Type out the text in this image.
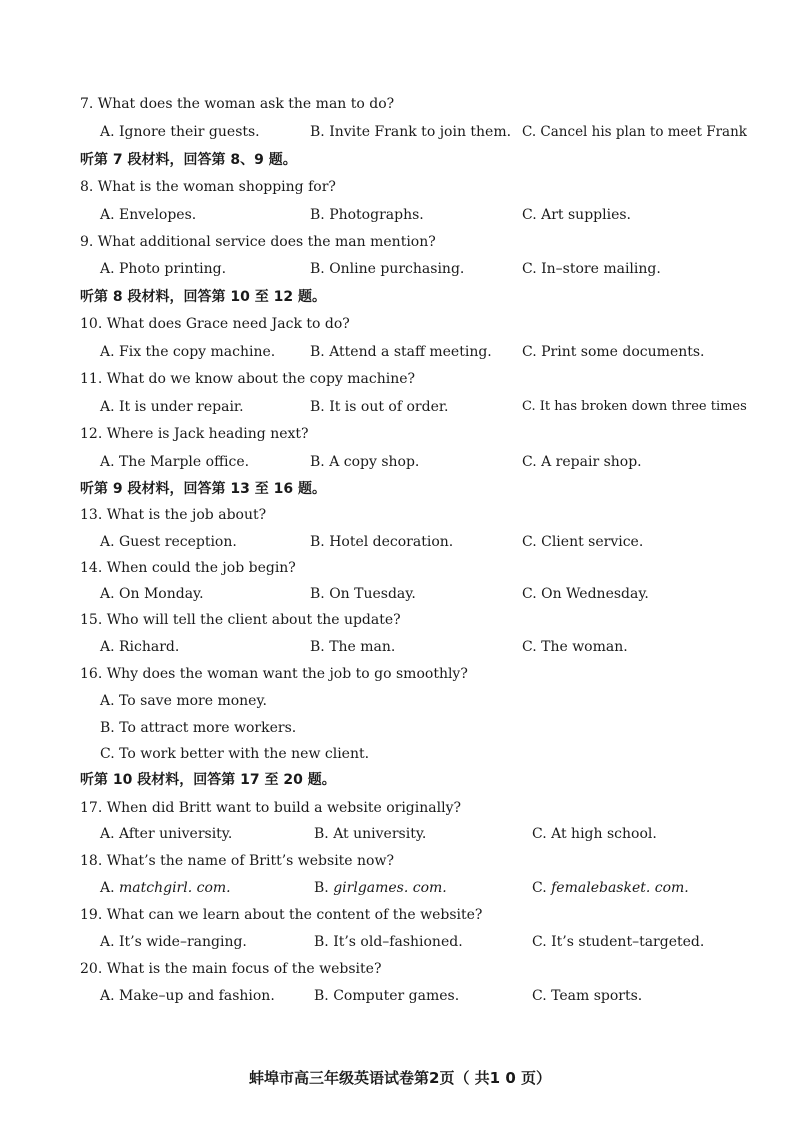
7. What does the woman ask the man to do?
A. Ignore their guests.	B. Invite Frank to join them. C. Cancel his plan to meet Frank
听第 7 段材料，回答第 8、9 题。
8. What is the woman shopping for?
A. Envelopes.	B. Photographs.	C. Art supplies.
9. What additional service does the man mention?
A. Photo printing.	B. Online purchasing.	C. In–store mailing.
听第 8 段材料，回答第 10 至 12 题。
10. What does Grace need Jack to do?
A. Fix the copy machine. B. Attend a staff meeting. C. Print some documents.
11. What do we know about the copy machine?
A. It is under repair.	B. It is out of order.	C. It has broken down three times
12. Where is Jack heading next?
A. The Marple office.	B. A copy shop.	C. A repair shop.
听第 9 段材料，回答第 13 至 16 题。
13. What is the job about?
A. Guest reception.	B. Hotel decoration.	C. Client service.
14. When could the job begin?
A. On Monday.	B. On Tuesday.	C. On Wednesday.
15. Who will tell the client about the update?
A. Richard.	B. The man.	C. The woman.
16. Why does the woman want the job to go smoothly?
A. To save more money.
B. To attract more workers.
C. To work better with the new client.
听第 10 段材料，回答第 17 至 20 题。
17. When did Britt want to build a website originally?
A. After university.	B. At university.	C. At high school.
18. What’s the name of Britt’s website now?
A. matchgirl. com.	B. girlgames. com.	C. femalebasket. com.
19. What can we learn about the content of the website?
A. It’s wide–ranging.	B. It’s old–fashioned.	C. It’s student–targeted.
20. What is the main focus of the website?
A. Make–up and fashion.	B. Computer games.	C. Team sports.
蚌埠市高三年级英语试卷第2页（ 共1 0 页）
